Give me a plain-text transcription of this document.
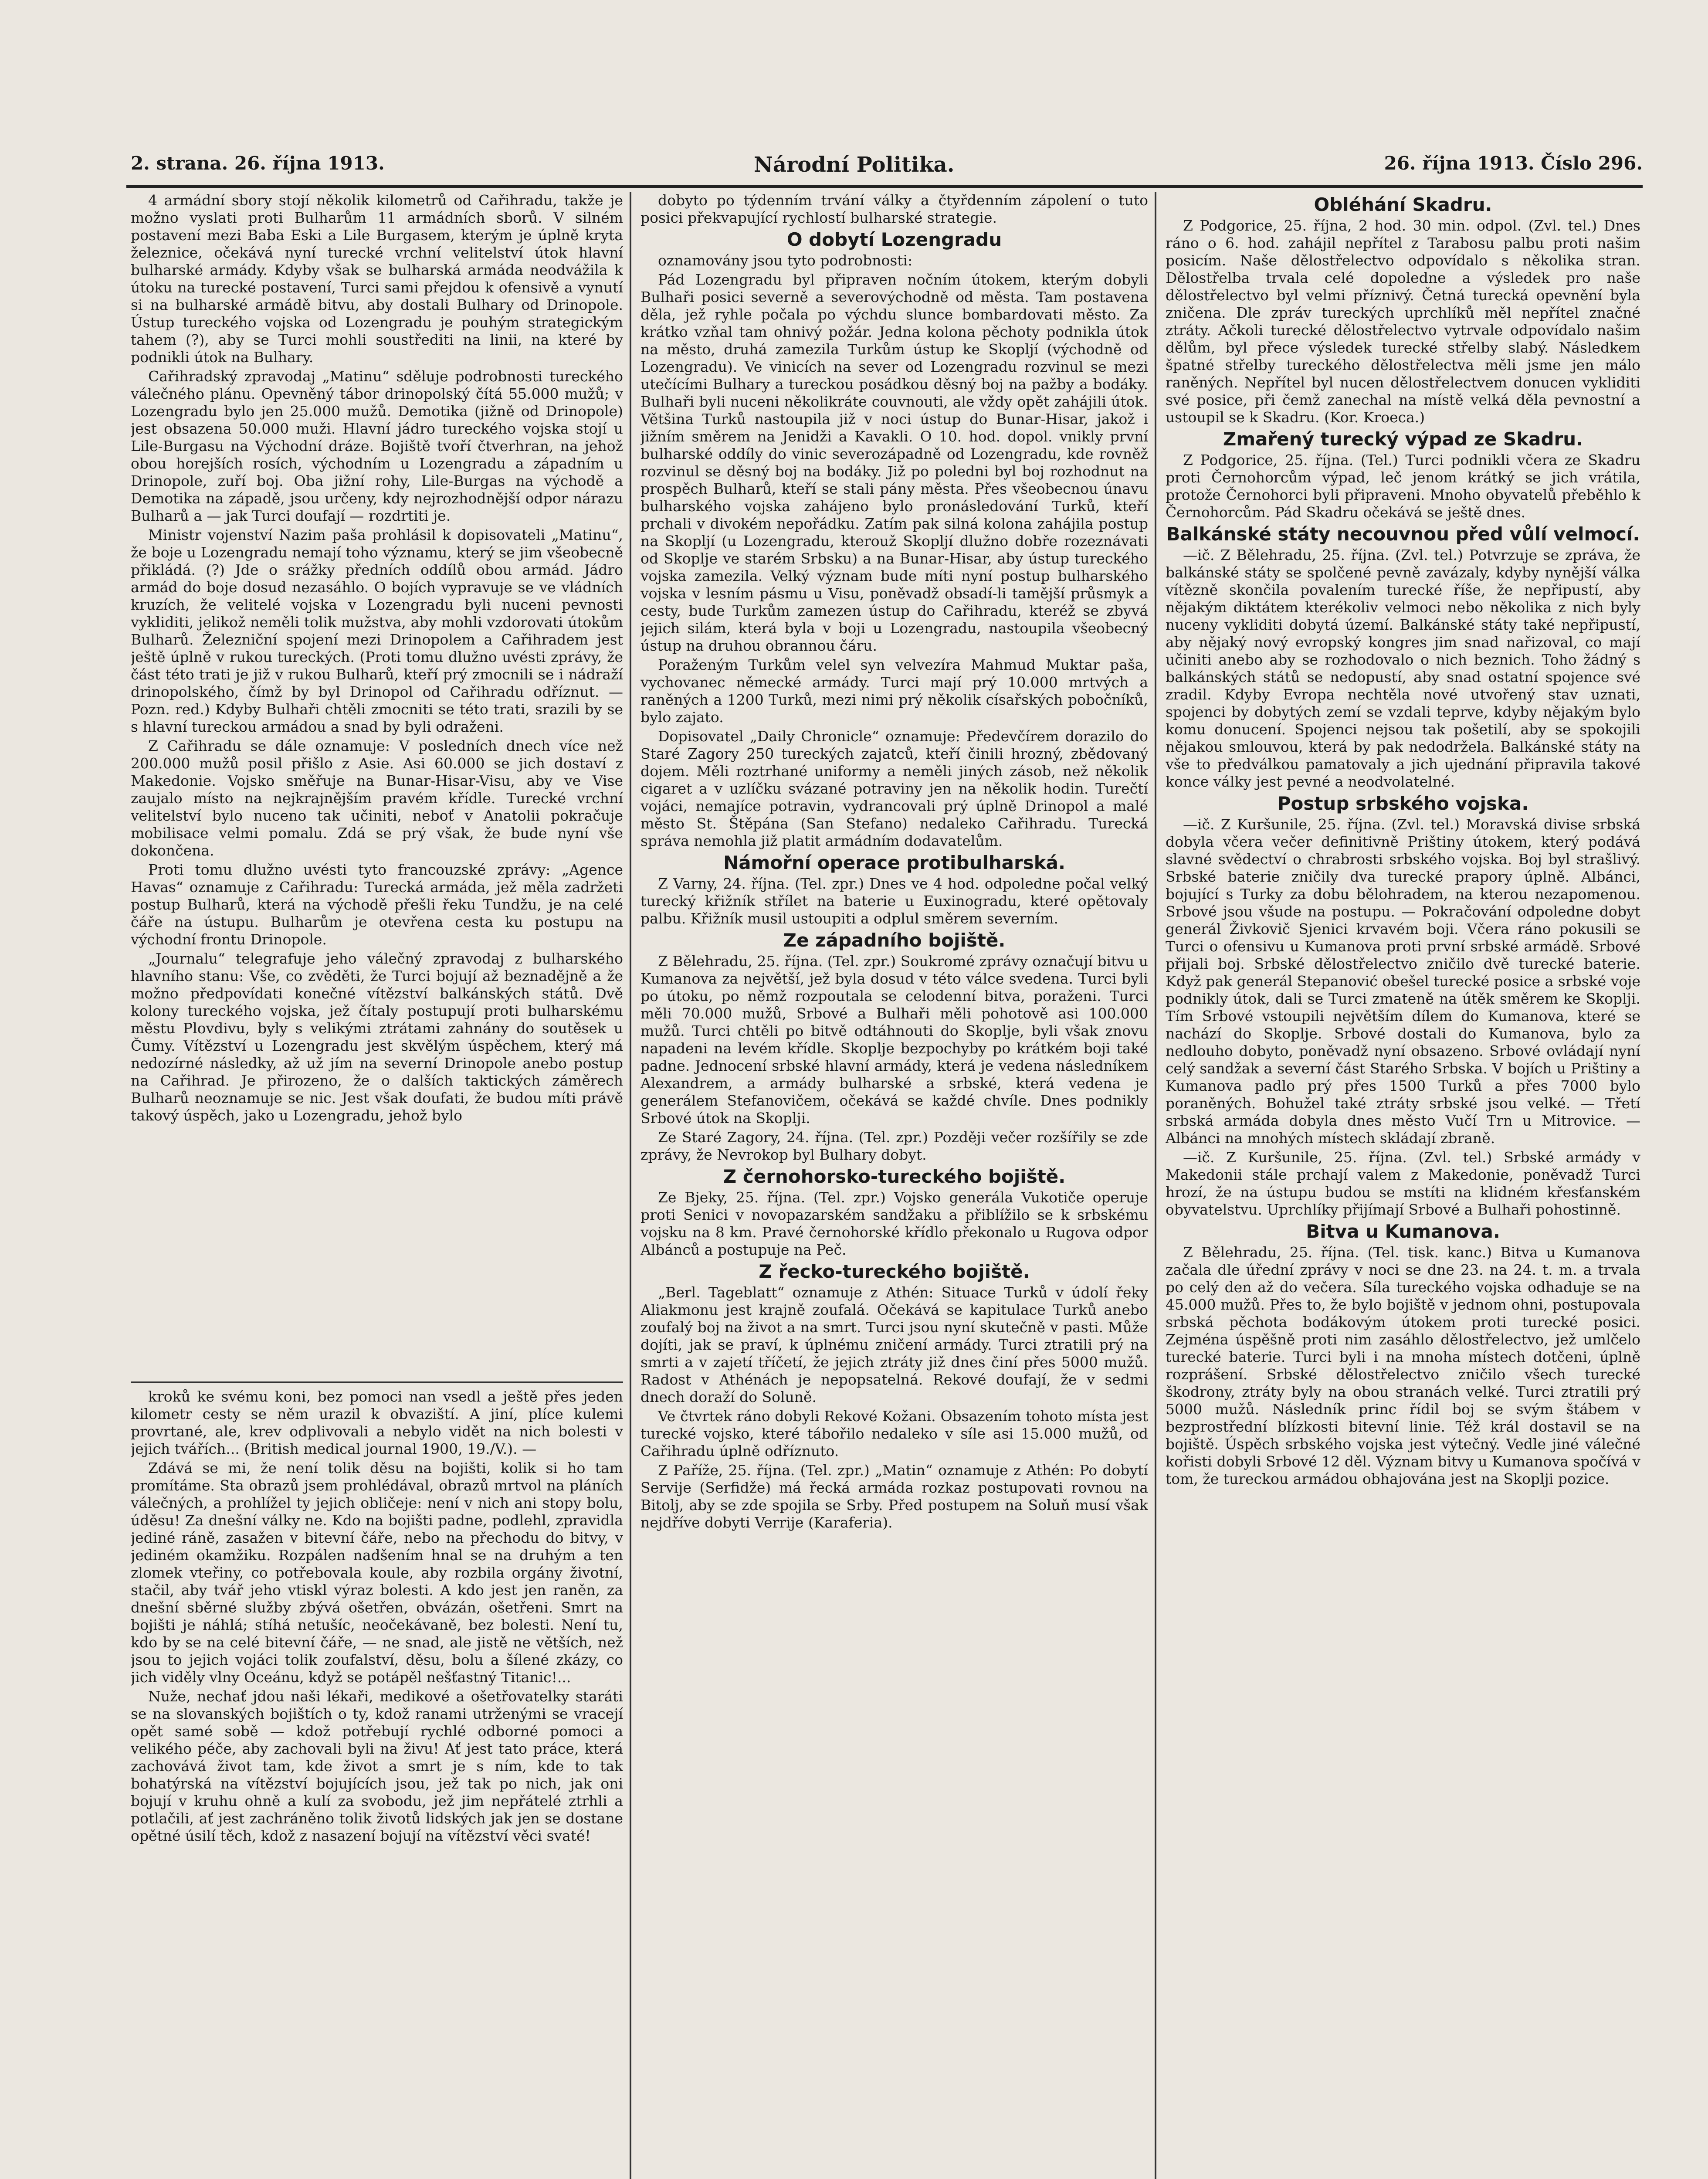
2. strana. 26. října 1913.	Národní Politika.	26. října 1913. Číslo 296.

4 armádní sbory stojí několik kilometrů od Cařihradu, takže je možno vyslati proti Bulharům 11 armádních sborů. V silném postavení mezi Baba Eski a Lile Burgasem, kterým je úplně kryta železnice, očekává nyní turecké vrchní velitelství útok hlavní bulharské armády. Kdyby však se bulharská armáda neodvážila k útoku na turecké postavení, Turci sami přejdou k ofensivě a vynutí si na bulharské armádě bitvu, aby dostali Bulhary od Drinopole. Ústup tureckého vojska od Lozengradu je pouhým strategickým tahem (?), aby se Turci mohli soustřediti na linii, na které by podnikli útok na Bulhary.

Cařihradský zpravodaj „Matinu“ sděluje podrobnosti tureckého válečného plánu. Opevněný tábor drinopolský čítá 55.000 mužů; v Lozengradu bylo jen 25.000 mužů. Demotika (jižně od Drinopole) jest obsazena 50.000 muži. Hlavní jádro tureckého vojska stojí u Lile-Burgasu na Východní dráze. Bojiště tvoří čtverhran, na jehož obou horejších rosích, východním u Lozengradu a západním u Drinopole, zuří boj. Oba jižní rohy, Lile-Burgas na východě a Demotika na západě, jsou určeny, kdy nejrozhodnější odpor nárazu Bulharů a — jak Turci doufají — rozdrtiti je.

Ministr vojenství Nazim paša prohlásil k dopisovateli „Matinu“, že boje u Lozengradu nemají toho významu, který se jim všeobecně přikládá. (?) Jde o srážky předních oddílů obou armád. Jádro armád do boje dosud nezasáhlo. O bojích vypravuje se ve vládních kruzích, že velitelé vojska v Lozengradu byli nuceni pevnosti vykliditi, jelikož neměli tolik mužstva, aby mohli vzdorovati útokům Bulharů. Železniční spojení mezi Drinopolem a Cařihradem jest ještě úplně v rukou tureckých. (Proti tomu dlužno uvésti zprávy, že část této trati je již v rukou Bulharů, kteří prý zmocnili se i nádraží drinopolského, čímž by byl Drinopol od Cařihradu odříznut. — Pozn. red.) Kdyby Bulhaři chtěli zmocniti se této trati, srazili by se s hlavní tureckou armádou a snad by byli odraženi.

Z Cařihradu se dále oznamuje: V posledních dnech více než 200.000 mužů posil přišlo z Asie. Asi 60.000 se jich dostaví z Makedonie. Vojsko směřuje na Bunar-Hisar-Visu, aby ve Vise zaujalo místo na nejkrajnějším pravém křídle. Turecké vrchní velitelství bylo nuceno tak učiniti, neboť v Anatolii pokračuje mobilisace velmi pomalu. Zdá se prý však, že bude nyní vše dokončena.

Proti tomu dlužno uvésti tyto francouzské zprávy: „Agence Havas“ oznamuje z Cařihradu: Turecká armáda, jež měla zadržeti postup Bulharů, která na východě přešli řeku Tundžu, je na celé čáře na ústupu. Bulharům je otevřena cesta ku postupu na východní frontu Drinopole.

„Journalu“ telegrafuje jeho válečný zpravodaj z bulharského hlavního stanu: Vše, co zvěděti, že Turci bojují až beznadějně a že možno předpovídati konečné vítězství balkánských států. Dvě kolony tureckého vojska, jež čítaly postupují proti bulharskému městu Plovdivu, byly s velikými ztrátami zahnány do soutěsek u Čumy. Vítězství u Lozengradu jest skvělým úspěchem, který má nedozírné následky, až už jím na severní Drinopole anebo postup na Cařihrad. Je přirozeno, že o dalších taktických záměrech Bulharů neoznamuje se nic. Jest však doufati, že budou míti právě takový úspěch, jako u Lozengradu, jehož bylo

kroků ke svému koni, bez pomoci nan vsedl a ještě přes jeden kilometr cesty se něm urazil k obvaziští. A jiní, plíce kulemi provrtané, ale, krev odplivovali a nebylo vidět na nich bolesti v jejich tvářích... (British medical journal 1900, 19./V.). —

Zdává se mi, že není tolik děsu na bojišti, kolik si ho tam promítáme. Sta obrazů jsem prohlédával, obrazů mrtvol na pláních válečných, a prohlížel ty jejich obličeje: není v nich ani stopy bolu, úděsu! Za dnešní války ne. Kdo na bojišti padne, podlehl, zpravidla jediné ráně, zasažen v bitevní čáře, nebo na přechodu do bitvy, v jediném okamžiku. Rozpálen nadšením hnal se na druhým a ten zlomek vteřiny, co potřebovala koule, aby rozbila orgány životní, stačil, aby tvář jeho vtiskl výraz bolesti. A kdo jest jen raněn, za dnešní sběrné služby zbývá ošetřen, obvázán, ošetřeni. Smrt na bojišti je náhlá; stíhá netušíc, neočekávaně, bez bolesti. Není tu, kdo by se na celé bitevní čáře, — ne snad, ale jistě ne větších, než jsou to jejich vojáci tolik zoufalství, děsu, bolu a šílené zkázy, co jich viděly vlny Oceánu, když se potápěl nešťastný Titanic!...

Nuže, nechať jdou naši lékaři, medikové a ošetřovatelky staráti se na slovanských bojištích o ty, kdož ranami utrženými se vracejí opět samé sobě — kdož potřebují rychlé odborné pomoci a velikého péče, aby zachovali byli na živu! Ať jest tato práce, která zachovává život tam, kde život a smrt je s ním, kde to tak bohatýrská na vítězství bojujících jsou, jež tak po nich, jak oni bojují v kruhu ohně a kulí za svobodu, jež jim nepřátelé ztrhli a potlačili, ať jest zachráněno tolik životů lidských jak jen se dostane opětné úsilí těch, kdož z nasazení bojují na vítězství věci svaté!

dobyto po týdenním trvání války a čtyřdenním zápolení o tuto posici překvapující rychlostí bulharské strategie.

O dobytí Lozengradu

oznamovány jsou tyto podrobnosti:

Pád Lozengradu byl připraven nočním útokem, kterým dobyli Bulhaři posici severně a severovýchodně od města. Tam postavena děla, jež ryhle počala po výchdu slunce bombardovati město. Za krátko vzňal tam ohnivý požár. Jedna kolona pěchoty podnikla útok na město, druhá zamezila Turkům ústup ke Skopljí (východně od Lozengradu). Ve vinicích na sever od Lozengradu rozvinul se mezi utečícími Bulhary a tureckou posádkou děsný boj na pažby a bodáky. Bulhaři byli nuceni několikráte couvnouti, ale vždy opět zahájili útok. Většina Turků nastoupila již v noci ústup do Bunar-Hisar, jakož i jižním směrem na Jenidži a Kavakli. O 10. hod. dopol. vnikly první bulharské oddíly do vinic severozápadně od Lozengradu, kde rovněž rozvinul se děsný boj na bodáky. Již po poledni byl boj rozhodnut na prospěch Bulharů, kteří se stali pány města. Přes všeobecnou únavu bulharského vojska zahájeno bylo pronásledování Turků, kteří prchali v divokém nepořádku. Zatím pak silná kolona zahájila postup na Skopljí (u Lozengradu, kterouž Skopljí dlužno dobře rozeznávati od Skoplje ve starém Srbsku) a na Bunar-Hisar, aby ústup tureckého vojska zamezila. Velký význam bude míti nyní postup bulharského vojska v lesním pásmu u Visu, poněvadž obsadí-li tamější průsmyk a cesty, bude Turkům zamezen ústup do Cařihradu, kteréž se zbyvá jejich silám, která byla v boji u Lozengradu, nastoupila všeobecný ústup na druhou obrannou čáru.

Poraženým Turkům velel syn velvezíra Mahmud Muktar paša, vychovanec německé armády. Turci mají prý 10.000 mrtvých a raněných a 1200 Turků, mezi nimi prý několik císařských pobočníků, bylo zajato.

Dopisovatel „Daily Chronicle“ oznamuje: Předevčírem dorazilo do Staré Zagory 250 tureckých zajatců, kteří činili hrozný, zbědovaný dojem. Měli roztrhané uniformy a neměli jiných zásob, než několik cigaret a v uzlíčku svázané potraviny jen na několik hodin. Turečtí vojáci, nemajíce potravin, vydrancovali prý úplně Drinopol a malé město St. Štěpána (San Stefano) nedaleko Cařihradu. Turecká správa nemohla již platit armádním dodavatelům.

Námořní operace protibulharská.

Z Varny, 24. října. (Tel. zpr.) Dnes ve 4 hod. odpoledne počal velký turecký křižník střílet na baterie u Euxinogradu, které opětovaly palbu. Křižník musil ustoupiti a odplul směrem severním.

Ze západního bojiště.

Z Bělehradu, 25. října. (Tel. zpr.) Soukromé zprávy označují bitvu u Kumanova za největší, jež byla dosud v této válce svedena. Turci byli po útoku, po němž rozpoutala se celodenní bitva, poraženi. Turci měli 70.000 mužů, Srbové a Bulhaři měli pohotově asi 100.000 mužů. Turci chtěli po bitvě odtáhnouti do Skoplje, byli však znovu napadeni na levém křídle. Skoplje bezpochyby po krátkém boji také padne. Jednocení srbské hlavní armády, která je vedena následníkem Alexandrem, a armády bulharské a srbské, která vedena je generálem Stefanovičem, očekává se každé chvíle. Dnes podnikly Srbové útok na Skoplji.

Ze Staré Zagory, 24. října. (Tel. zpr.) Později večer rozšířily se zde zprávy, že Nevrokop byl Bulhary dobyt.

Z černohorsko-tureckého bojiště.

Ze Bjeky, 25. října. (Tel. zpr.) Vojsko generála Vukotiče operuje proti Senici v novopazarském sandžaku a přiblížilo se k srbskému vojsku na 8 km. Pravé černohorské křídlo překonalo u Rugova odpor Albánců a postupuje na Peč.

Z řecko-tureckého bojiště.

„Berl. Tageblatt“ oznamuje z Athén: Situace Turků v údolí řeky Aliakmonu jest krajně zoufalá. Očekává se kapitulace Turků anebo zoufalý boj na život a na smrt. Turci jsou nyní skutečně v pasti. Může dojíti, jak se praví, k úplnému zničení armády. Turci ztratili prý na smrti a v zajetí tříčetí, že jejich ztráty již dnes činí přes 5000 mužů. Radost v Athénách je nepopsatelná. Rekové doufají, že v sedmi dnech doraží do Soluně.

Ve čtvrtek ráno dobyli Rekové Kožani. Obsazením tohoto místa jest turecké vojsko, které tábořilo nedaleko v síle asi 15.000 mužů, od Cařihradu úplně odříznuto.

Z Paříže, 25. října. (Tel. zpr.) „Matin“ oznamuje z Athén: Po dobytí Servije (Serfidže) má řecká armáda rozkaz postupovati rovnou na Bitolj, aby se zde spojila se Srby. Před postupem na Soluň musí však nejdříve dobyti Verrije (Karaferia).

Obléhání Skadru.

Z Podgorice, 25. října, 2 hod. 30 min. odpol. (Zvl. tel.) Dnes ráno o 6. hod. zahájil nepřítel z Tarabosu palbu proti našim posicím. Naše dělostřelectvo odpovídalo s několika stran. Dělostřelba trvala celé dopoledne a výsledek pro naše dělostřelectvo byl velmi příznivý. Četná turecká opevnění byla zničena. Dle zpráv tureckých uprchlíků měl nepřítel značné ztráty. Ačkoli turecké dělostřelectvo vytrvale odpovídalo našim dělům, byl přece výsledek turecké střelby slabý. Následkem špatné střelby tureckého dělostřelectva měli jsme jen málo raněných. Nepřítel byl nucen dělostřelectvem donucen vykliditi své posice, při čemž zanechal na místě velká děla pevnostní a ustoupil se k Skadru. (Kor. Kroeca.)

Zmařený turecký výpad ze Skadru.

Z Podgorice, 25. října. (Tel.) Turci podnikli včera ze Skadru proti Černohorcům výpad, leč jenom krátký se jich vrátila, protože Černohorci byli připraveni. Mnoho obyvatelů přeběhlo k Černohorcům. Pád Skadru očekává se ještě dnes.

Balkánské státy necouvnou před vůlí velmocí.

—ič. Z Bělehradu, 25. října. (Zvl. tel.) Potvrzuje se zpráva, že balkánské státy se spolčené pevně zavázaly, kdyby nynější válka vítězně skončila povalením turecké říše, že nepřipustí, aby nějakým diktátem kterékoliv velmoci nebo několika z nich byly nuceny vykliditi dobytá území. Balkánské státy také nepřipustí, aby nějaký nový evropský kongres jim snad nařizoval, co mají učiniti anebo aby se rozhodovalo o nich beznich. Toho žádný s balkánských států se nedopustí, aby snad ostatní spojence své zradil. Kdyby Evropa nechtěla nové utvořený stav uznati, spojenci by dobytých zemí se vzdali teprve, kdyby nějakým bylo komu donucení. Spojenci nejsou tak pošetilí, aby se spokojili nějakou smlouvou, která by pak nedodržela. Balkánské státy na vše to předválkou pamatovaly a jich ujednání připravila takové konce války jest pevné a neodvolatelné.

Postup srbského vojska.

—ič. Z Kuršunile, 25. října. (Zvl. tel.) Moravská divise srbská dobyla včera večer definitivně Prištiny útokem, který podává slavné svědectví o chrabrosti srbského vojska. Boj byl strašlivý. Srbské baterie zničily dva turecké prapory úplně. Albánci, bojující s Turky za dobu bělohradem, na kterou nezapomenou. Srbové jsou všude na postupu. — Pokračování odpoledne dobyt generál Živkovič Sjenici krvavém boji. Včera ráno pokusili se Turci o ofensivu u Kumanova proti první srbské armádě. Srbové přijali boj. Srbské dělostřelectvo zničilo dvě turecké baterie. Když pak generál Stepanović obešel turecké posice a srbské voje podnikly útok, dali se Turci zmateně na útěk směrem ke Skoplji. Tím Srbové vstoupili největším dílem do Kumanova, které se nachází do Skoplje. Srbové dostali do Kumanova, bylo za nedlouho dobyto, poněvadž nyní obsazeno. Srbové ovládají nyní celý sandžak a severní část Starého Srbska. V bojích u Prištiny a Kumanova padlo prý přes 1500 Turků a přes 7000 bylo poraněných. Bohužel také ztráty srbské jsou velké. — Třetí srbská armáda dobyla dnes město Vučí Trn u Mitrovice. — Albánci na mnohých místech skládají zbraně.

—ič. Z Kuršunile, 25. října. (Zvl. tel.) Srbské armády v Makedonii stále prchají valem z Makedonie, poněvadž Turci hrozí, že na ústupu budou se mstíti na klidném křesťanském obyvatelstvu. Uprchlíky přijímají Srbové a Bulhaři pohostinně.

Bitva u Kumanova.

Z Bělehradu, 25. října. (Tel. tisk. kanc.) Bitva u Kumanova začala dle úřední zprávy v noci se dne 23. na 24. t. m. a trvala po celý den až do večera. Síla tureckého vojska odhaduje se na 45.000 mužů. Přes to, že bylo bojiště v jednom ohni, postupovala srbská pěchota bodákovým útokem proti turecké posici. Zejména úspěšně proti nim zasáhlo dělostřelectvo, jež umlčelo turecké baterie. Turci byli i na mnoha místech dotčeni, úplně rozprášení. Srbské dělostřelectvo zničilo všech turecké škodrony, ztráty byly na obou stranách velké. Turci ztratili prý 5000 mužů. Následník princ řídil boj se svým štábem v bezprostřední blízkosti bitevní linie. Též král dostavil se na bojiště. Úspěch srbského vojska jest výtečný. Vedle jiné válečné kořisti dobyli Srbové 12 děl. Význam bitvy u Kumanova spočívá v tom, že tureckou armádou obhajována jest na Skoplji pozice.
